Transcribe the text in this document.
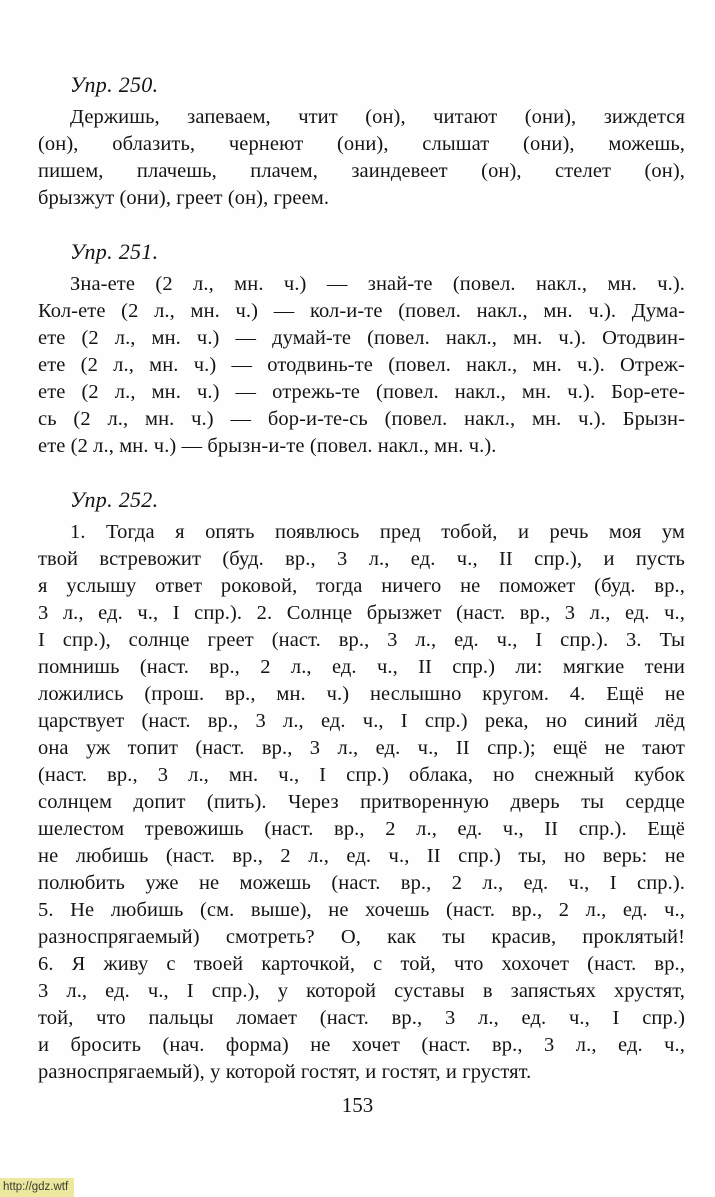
Упр. 250.
Держишь, запеваем, чтит (он), читают (они), зиждется
(он), облазить, чернеют (они), слышат (они), можешь,
пишем, плачешь, плачем, заиндевеет (он), стелет (он),
брызжут (они), греет (он), греем.
Упр. 251.
Зна-ете (2 л., мн. ч.) — знай-те (повел. накл., мн. ч.).
Кол-ете (2 л., мн. ч.) — кол-и-те (повел. накл., мн. ч.). Дума-
ете (2 л., мн. ч.) — думай-те (повел. накл., мн. ч.). Отодвин-
ете (2 л., мн. ч.) — отодвинь-те (повел. накл., мн. ч.). Отреж-
ете (2 л., мн. ч.) — отрежь-те (повел. накл., мн. ч.). Бор-ете-
сь (2 л., мн. ч.) — бор-и-те-сь (повел. накл., мн. ч.). Брызн-
ете (2 л., мн. ч.) — брызн-и-те (повел. накл., мн. ч.).
Упр. 252.
1. Тогда я опять появлюсь пред тобой, и речь моя ум
твой встревожит (буд. вр., 3 л., ед. ч., II спр.), и пусть
я услышу ответ роковой, тогда ничего не поможет (буд. вр.,
3 л., ед. ч., I спр.). 2. Солнце брызжет (наст. вр., 3 л., ед. ч.,
I спр.), солнце греет (наст. вр., 3 л., ед. ч., I спр.). 3. Ты
помнишь (наст. вр., 2 л., ед. ч., II спр.) ли: мягкие тени
ложились (прош. вр., мн. ч.) неслышно кругом. 4. Ещё не
царствует (наст. вр., 3 л., ед. ч., I спр.) река, но синий лёд
она уж топит (наст. вр., 3 л., ед. ч., II спр.); ещё не тают
(наст. вр., 3 л., мн. ч., I спр.) облака, но снежный кубок
солнцем допит (пить). Через притворенную дверь ты сердце
шелестом тревожишь (наст. вр., 2 л., ед. ч., II спр.). Ещё
не любишь (наст. вр., 2 л., ед. ч., II спр.) ты, но верь: не
полюбить уже не можешь (наст. вр., 2 л., ед. ч., I спр.).
5. Не любишь (см. выше), не хочешь (наст. вр., 2 л., ед. ч.,
разноспрягаемый) смотреть? О, как ты красив, проклятый!
6. Я живу с твоей карточкой, с той, что хохочет (наст. вр.,
3 л., ед. ч., I спр.), у которой суставы в запястьях хрустят,
той, что пальцы ломает (наст. вр., 3 л., ед. ч., I спр.)
и бросить (нач. форма) не хочет (наст. вр., 3 л., ед. ч.,
разноспрягаемый), у которой гостят, и гостят, и грустят.
153
http://gdz.wtf
